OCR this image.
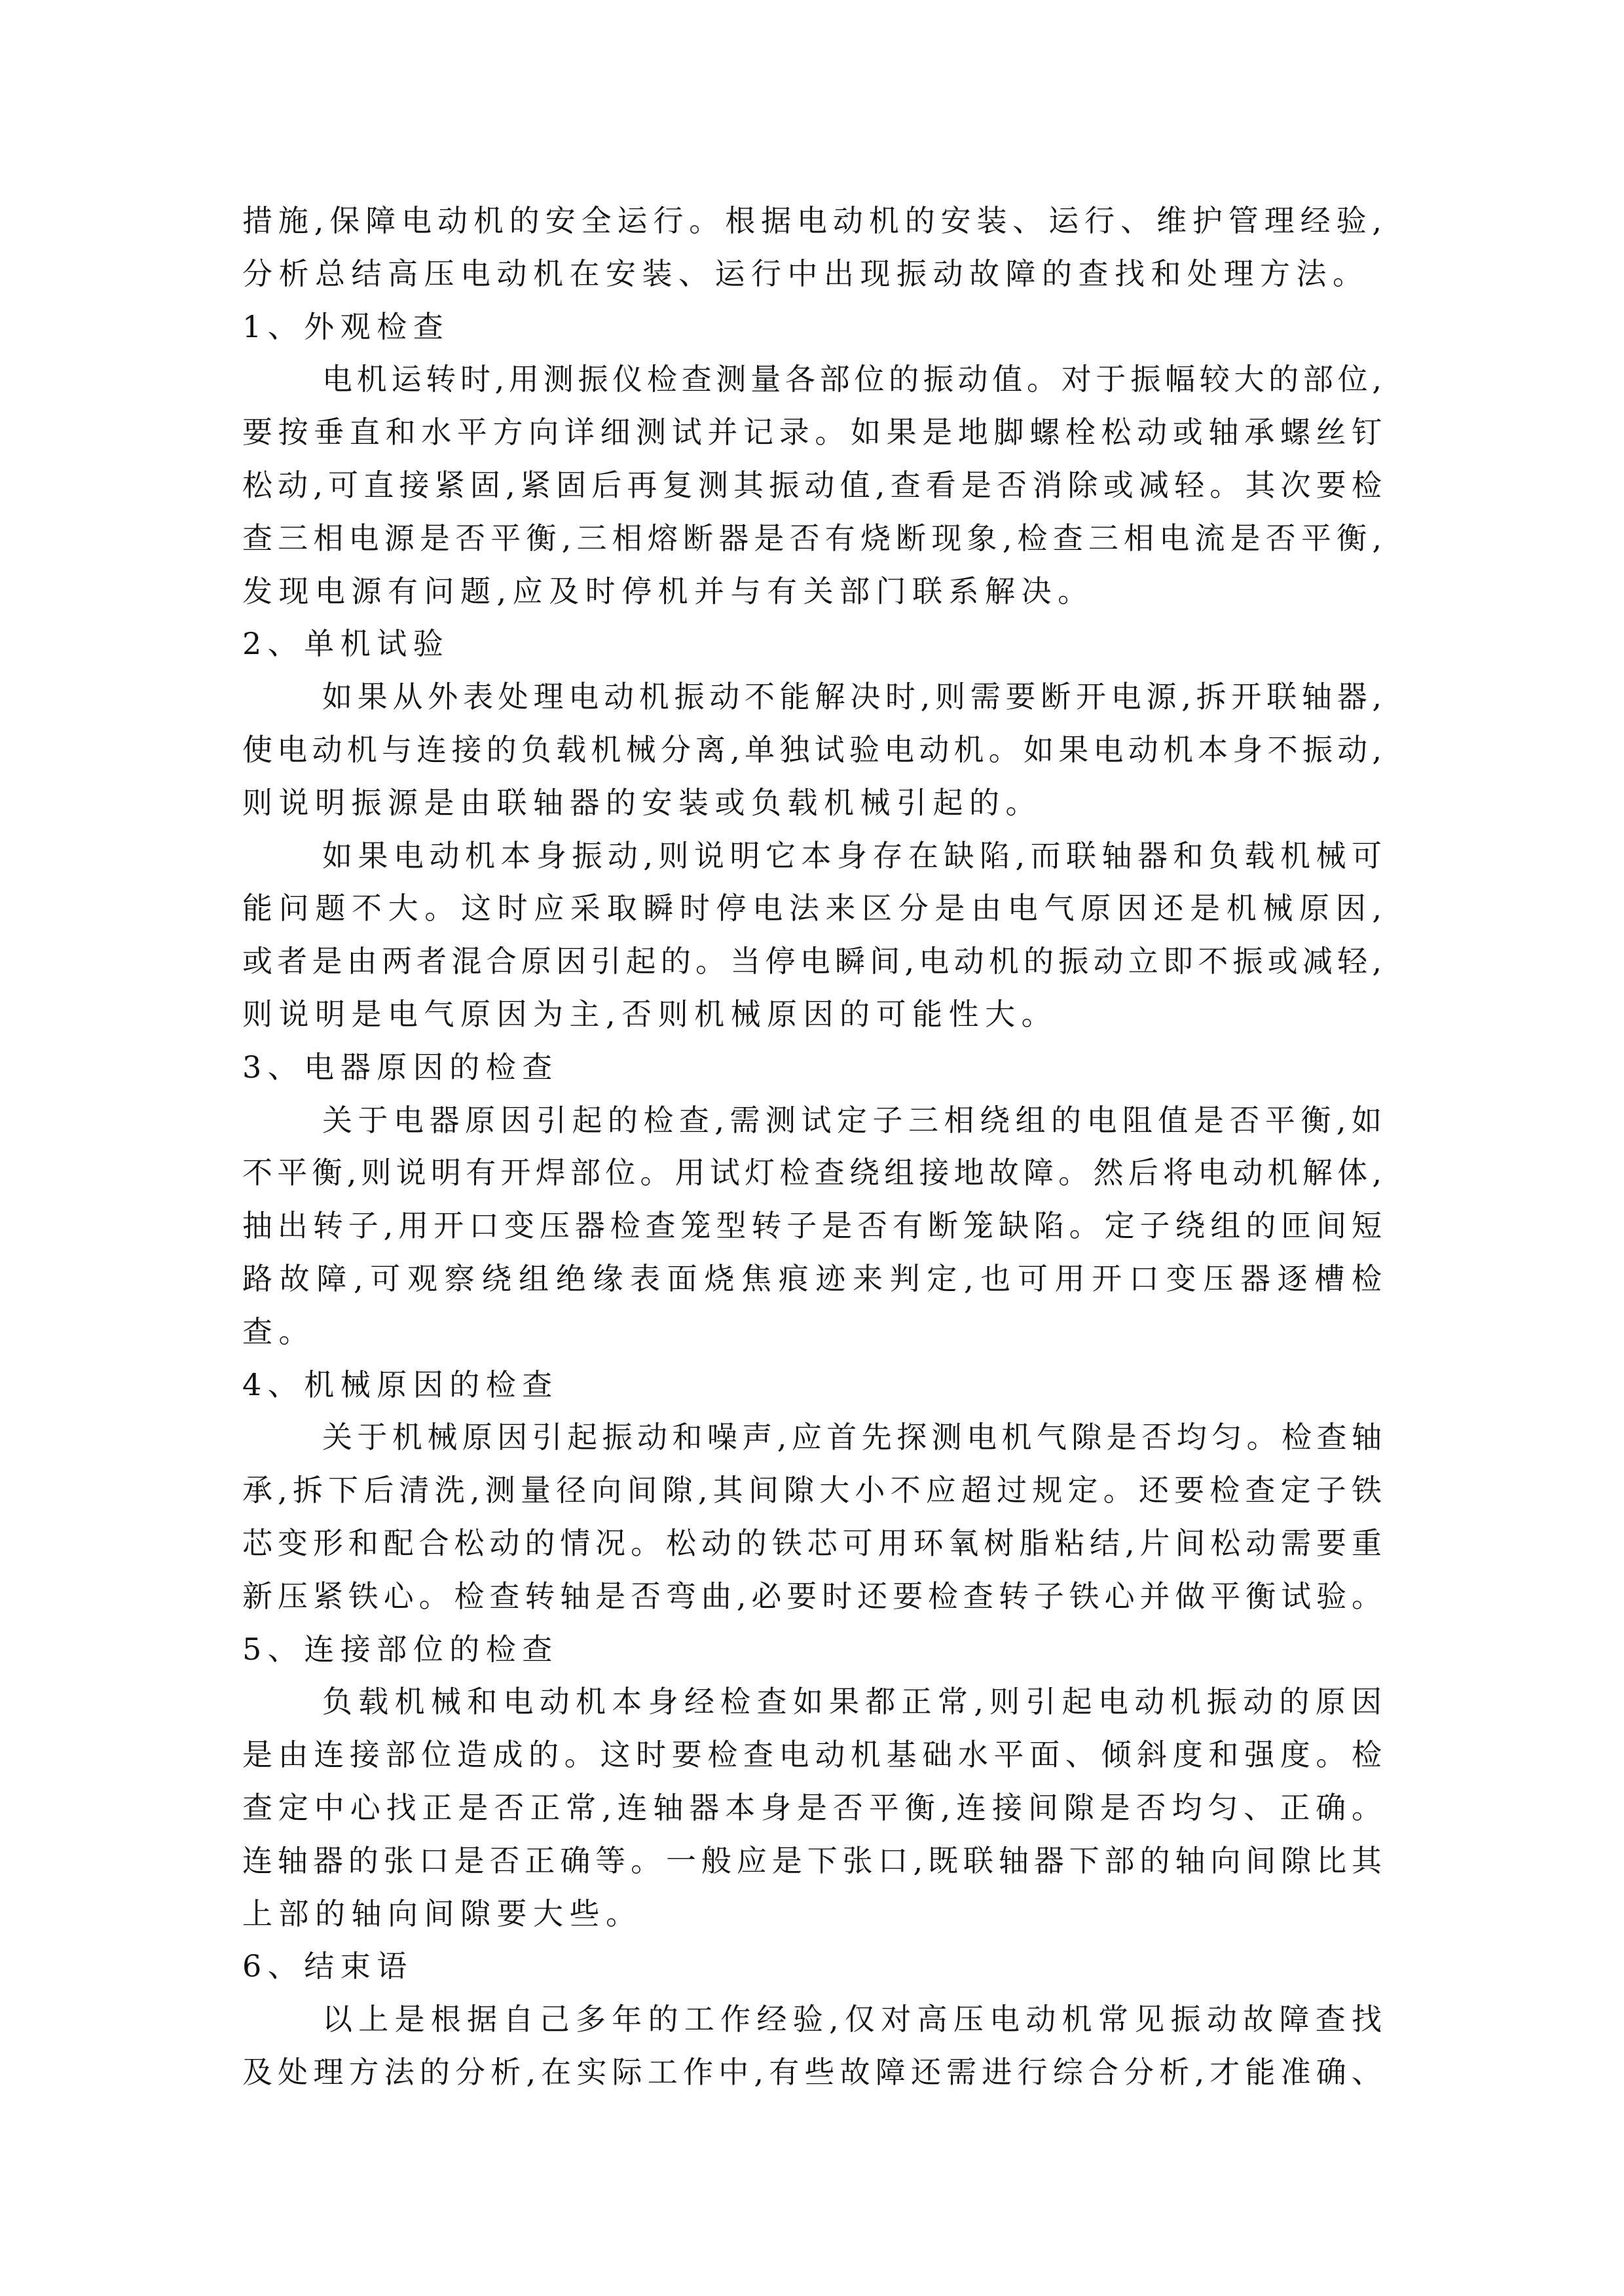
措施,保障电动机的安全运行。根据电动机的安装、运行、维护管理经验,
分析总结高压电动机在安装、运行中出现振动故障的查找和处理方法。
1、外观检查
电机运转时,用测振仪检查测量各部位的振动值。对于振幅较大的部位,
要按垂直和水平方向详细测试并记录。如果是地脚螺栓松动或轴承螺丝钉
松动,可直接紧固,紧固后再复测其振动值,查看是否消除或减轻。其次要检
查三相电源是否平衡,三相熔断器是否有烧断现象,检查三相电流是否平衡,
发现电源有问题,应及时停机并与有关部门联系解决。
2、单机试验
如果从外表处理电动机振动不能解决时,则需要断开电源,拆开联轴器,
使电动机与连接的负载机械分离,单独试验电动机。如果电动机本身不振动,
则说明振源是由联轴器的安装或负载机械引起的。
如果电动机本身振动,则说明它本身存在缺陷,而联轴器和负载机械可
能问题不大。这时应采取瞬时停电法来区分是由电气原因还是机械原因,
或者是由两者混合原因引起的。当停电瞬间,电动机的振动立即不振或减轻,
则说明是电气原因为主,否则机械原因的可能性大。
3、电器原因的检查
关于电器原因引起的检查,需测试定子三相绕组的电阻值是否平衡,如
不平衡,则说明有开焊部位。用试灯检查绕组接地故障。然后将电动机解体,
抽出转子,用开口变压器检查笼型转子是否有断笼缺陷。定子绕组的匝间短
路故障,可观察绕组绝缘表面烧焦痕迹来判定,也可用开口变压器逐槽检
查。
4、机械原因的检查
关于机械原因引起振动和噪声,应首先探测电机气隙是否均匀。检查轴
承,拆下后清洗,测量径向间隙,其间隙大小不应超过规定。还要检查定子铁
芯变形和配合松动的情况。松动的铁芯可用环氧树脂粘结,片间松动需要重
新压紧铁心。检查转轴是否弯曲,必要时还要检查转子铁心并做平衡试验。
5、连接部位的检查
负载机械和电动机本身经检查如果都正常,则引起电动机振动的原因
是由连接部位造成的。这时要检查电动机基础水平面、倾斜度和强度。检
查定中心找正是否正常,连轴器本身是否平衡,连接间隙是否均匀、正确。
连轴器的张口是否正确等。一般应是下张口,既联轴器下部的轴向间隙比其
上部的轴向间隙要大些。
6、结束语
以上是根据自己多年的工作经验,仅对高压电动机常见振动故障查找
及处理方法的分析,在实际工作中,有些故障还需进行综合分析,才能准确、
